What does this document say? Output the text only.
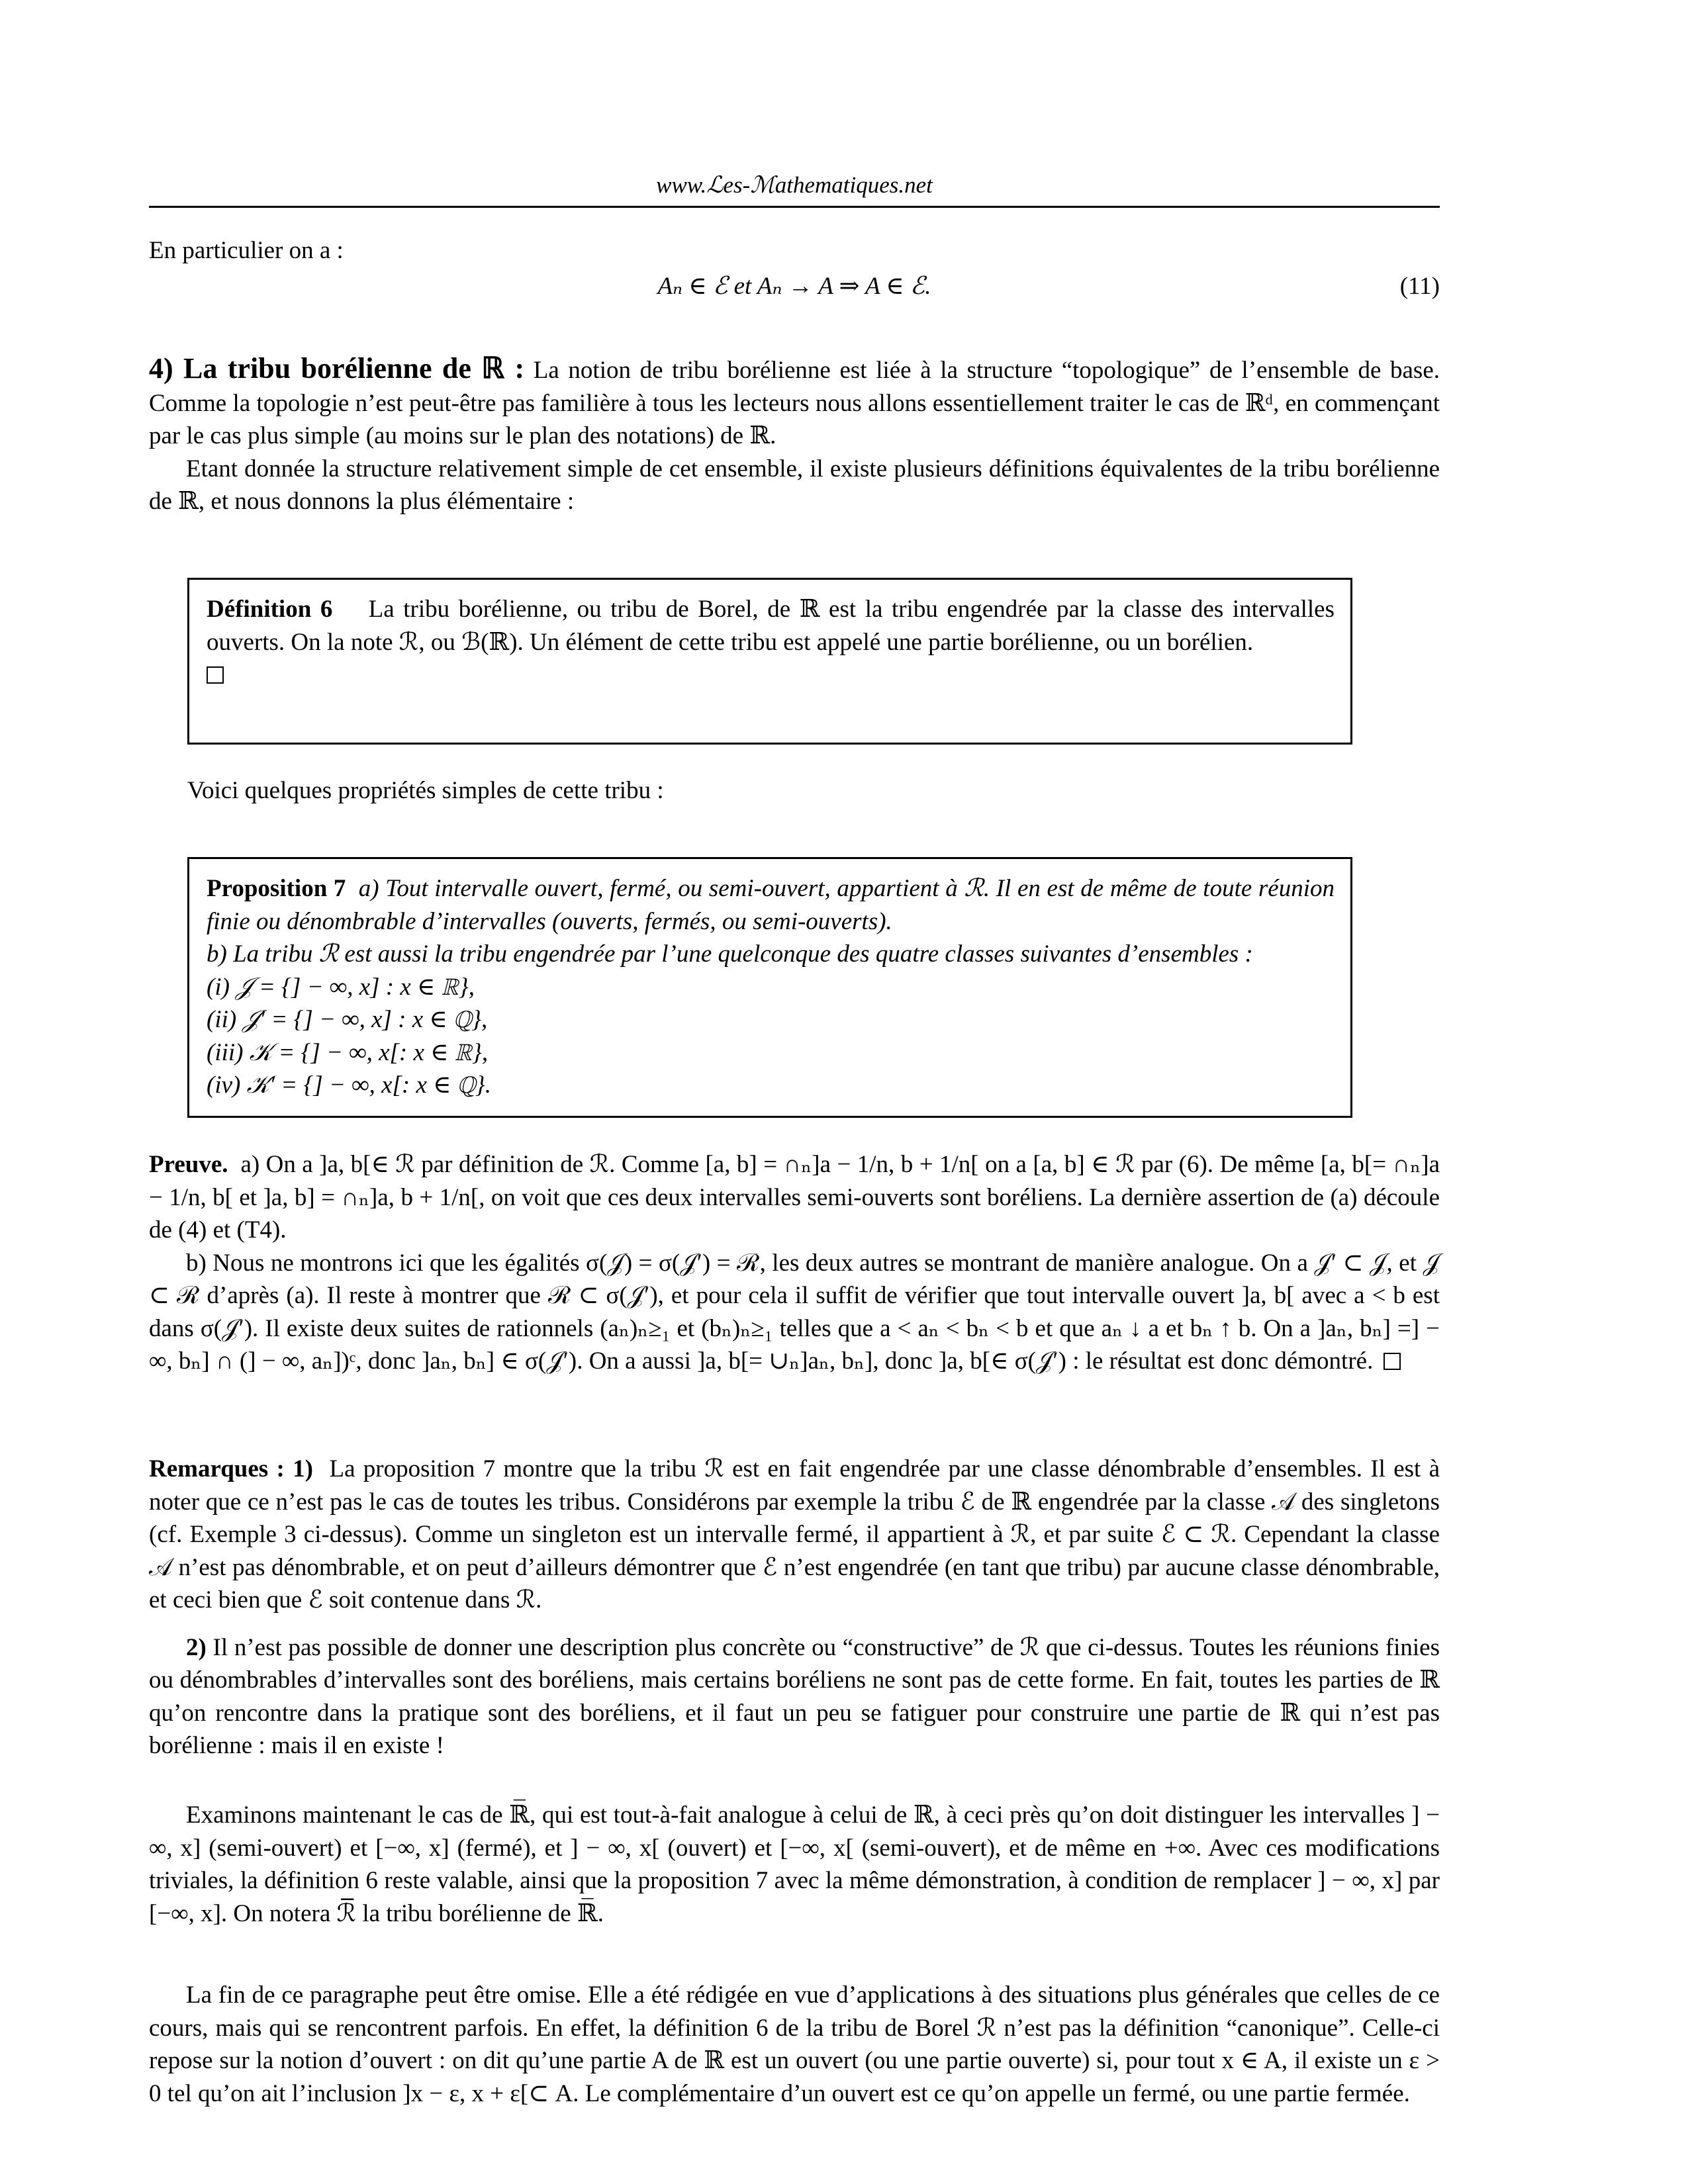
www.ℒes-ℳathematiques.net

En particulier on a :

Aₙ ∈ ℰ et Aₙ → A ⇒ A ∈ ℰ.	(11)

4) La tribu borélienne de ℝ : La notion de tribu borélienne est liée à la structure “topologique” de l’ensemble de base. Comme la topologie n’est peut-être pas familière à tous les lecteurs nous allons essentiellement traiter le cas de ℝᵈ, en commençant par le cas plus simple (au moins sur le plan des notations) de ℝ.

Etant donnée la structure relativement simple de cet ensemble, il existe plusieurs définitions équivalentes de la tribu borélienne de ℝ, et nous donnons la plus élémentaire :

Définition 6 La tribu borélienne, ou tribu de Borel, de ℝ est la tribu engendrée par la classe des intervalles ouverts. On la note ℛ, ou ℬ(ℝ). Un élément de cette tribu est appelé une partie borélienne, ou un borélien.

Voici quelques propriétés simples de cette tribu :

Proposition 7 a) Tout intervalle ouvert, fermé, ou semi-ouvert, appartient à ℛ. Il en est de même de toute réunion finie ou dénombrable d’intervalles (ouverts, fermés, ou semi-ouverts).

b) La tribu ℛ est aussi la tribu engendrée par l’une quelconque des quatre classes suivantes d’ensembles :

(i) 𝒥 = {] − ∞, x] : x ∈ ℝ},

(ii) 𝒥′ = {] − ∞, x] : x ∈ ℚ},

(iii) 𝒦 = {] − ∞, x[: x ∈ ℝ},

(iv) 𝒦′ = {] − ∞, x[: x ∈ ℚ}.

Preuve. a) On a ]a, b[∈ ℛ par définition de ℛ. Comme [a, b] = ∩ₙ]a − 1/n, b + 1/n[ on a [a, b] ∈ ℛ par (6). De même [a, b[= ∩ₙ]a − 1/n, b[ et ]a, b] = ∩ₙ]a, b + 1/n[, on voit que ces deux intervalles semi-ouverts sont boréliens. La dernière assertion de (a) découle de (4) et (T4).

b) Nous ne montrons ici que les égalités σ(𝒥) = σ(𝒥′) = ℛ, les deux autres se montrant de manière analogue. On a 𝒥′ ⊂ 𝒥, et 𝒥 ⊂ ℛ d’après (a). Il reste à montrer que ℛ ⊂ σ(𝒥′), et pour cela il suffit de vérifier que tout intervalle ouvert ]a, b[ avec a < b est dans σ(𝒥′). Il existe deux suites de rationnels (aₙ)ₙ≥₁ et (bₙ)ₙ≥₁ telles que a < aₙ < bₙ < b et que aₙ ↓ a et bₙ ↑ b. On a ]aₙ, bₙ] =] − ∞, bₙ] ∩ (] − ∞, aₙ])ᶜ, donc ]aₙ, bₙ] ∈ σ(𝒥′). On a aussi ]a, b[= ∪ₙ]aₙ, bₙ], donc ]a, b[∈ σ(𝒥′) : le résultat est donc démontré.

Remarques : 1) La proposition 7 montre que la tribu ℛ est en fait engendrée par une classe dénombrable d’ensembles. Il est à noter que ce n’est pas le cas de toutes les tribus. Considérons par exemple la tribu ℰ de ℝ engendrée par la classe 𝒜 des singletons (cf. Exemple 3 ci-dessus). Comme un singleton est un intervalle fermé, il appartient à ℛ, et par suite ℰ ⊂ ℛ. Cependant la classe 𝒜 n’est pas dénombrable, et on peut d’ailleurs démontrer que ℰ n’est engendrée (en tant que tribu) par aucune classe dénombrable, et ceci bien que ℰ soit contenue dans ℛ.

2) Il n’est pas possible de donner une description plus concrète ou “constructive” de ℛ que ci-dessus. Toutes les réunions finies ou dénombrables d’intervalles sont des boréliens, mais certains boréliens ne sont pas de cette forme. En fait, toutes les parties de ℝ qu’on rencontre dans la pratique sont des boréliens, et il faut un peu se fatiguer pour construire une partie de ℝ qui n’est pas borélienne : mais il en existe !

Examinons maintenant le cas de ℝ̅, qui est tout-à-fait analogue à celui de ℝ, à ceci près qu’on doit distinguer les intervalles ] − ∞, x] (semi-ouvert) et [−∞, x] (fermé), et ] − ∞, x[ (ouvert) et [−∞, x[ (semi-ouvert), et de même en +∞. Avec ces modifications triviales, la définition 6 reste valable, ainsi que la proposition 7 avec la même démonstration, à condition de remplacer ] − ∞, x] par [−∞, x]. On notera ℛ̅ la tribu borélienne de ℝ̅.

La fin de ce paragraphe peut être omise. Elle a été rédigée en vue d’applications à des situations plus générales que celles de ce cours, mais qui se rencontrent parfois. En effet, la définition 6 de la tribu de Borel ℛ n’est pas la définition “canonique”. Celle-ci repose sur la notion d’ouvert : on dit qu’une partie A de ℝ est un ouvert (ou une partie ouverte) si, pour tout x ∈ A, il existe un ε > 0 tel qu’on ait l’inclusion ]x − ε, x + ε[⊂ A. Le complémentaire d’un ouvert est ce qu’on appelle un fermé, ou une partie fermée.
